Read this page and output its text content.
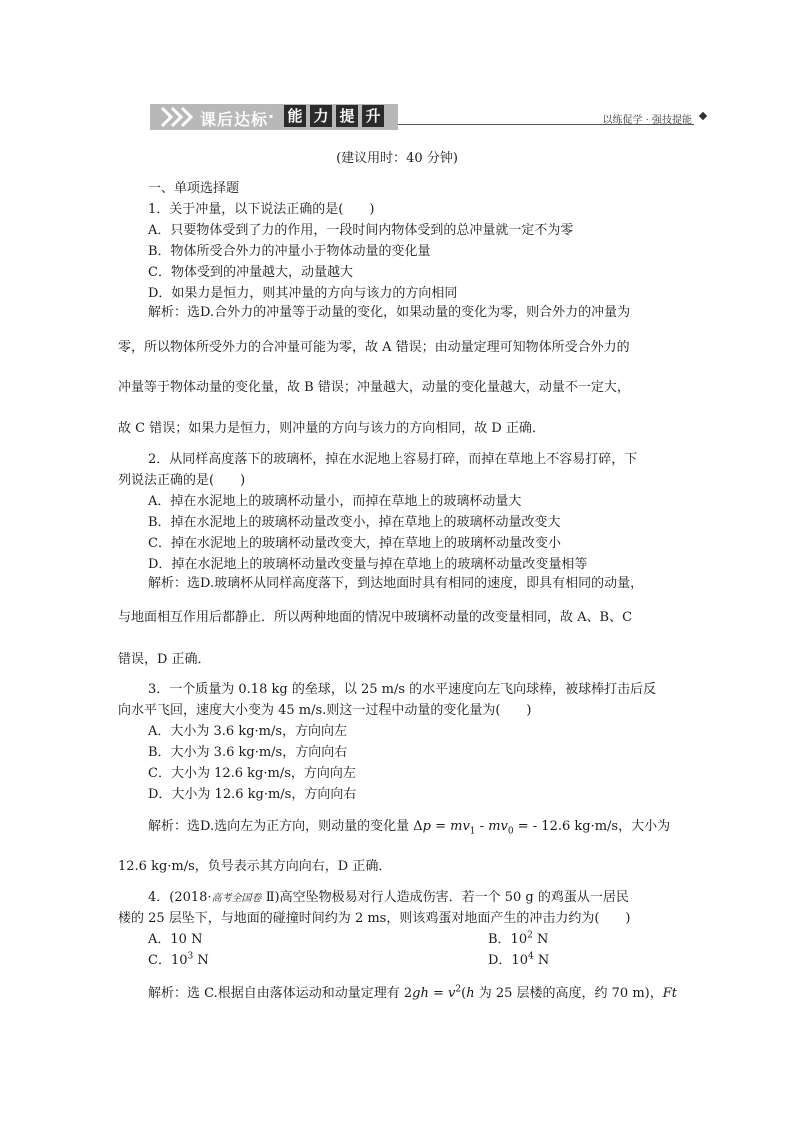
课后达标 · 能 力 提 升	以练促学 · 强技提能
(建议用时：40 分钟)
一、单项选择题
1．关于冲量，以下说法正确的是(　　)
A．只要物体受到了力的作用，一段时间内物体受到的总冲量就一定不为零
B．物体所受合外力的冲量小于物体动量的变化量
C．物体受到的冲量越大，动量越大
D．如果力是恒力，则其冲量的方向与该力的方向相同
解析：选D.合外力的冲量等于动量的变化，如果动量的变化为零，则合外力的冲量为
零，所以物体所受外力的合冲量可能为零，故 A 错误；由动量定理可知物体所受合外力的
冲量等于物体动量的变化量，故 B 错误；冲量越大，动量的变化量越大，动量不一定大，
故 C 错误；如果力是恒力，则冲量的方向与该力的方向相同，故 D 正确．
2．从同样高度落下的玻璃杯，掉在水泥地上容易打碎，而掉在草地上不容易打碎，下
列说法正确的是(　　)
A．掉在水泥地上的玻璃杯动量小，而掉在草地上的玻璃杯动量大
B．掉在水泥地上的玻璃杯动量改变小，掉在草地上的玻璃杯动量改变大
C．掉在水泥地上的玻璃杯动量改变大，掉在草地上的玻璃杯动量改变小
D．掉在水泥地上的玻璃杯动量改变量与掉在草地上的玻璃杯动量改变量相等
解析：选D.玻璃杯从同样高度落下，到达地面时具有相同的速度，即具有相同的动量，
与地面相互作用后都静止．所以两种地面的情况中玻璃杯动量的改变量相同，故 A、B、C
错误，D 正确．
3．一个质量为 0.18 kg 的垒球，以 25 m/s 的水平速度向左飞向球棒，被球棒打击后反
向水平飞回，速度大小变为 45 m/s.则这一过程中动量的变化量为(　　)
A．大小为 3.6 kg·m/s，方向向左
B．大小为 3.6 kg·m/s，方向向右
C．大小为 12.6 kg·m/s，方向向左
D．大小为 12.6 kg·m/s，方向向右
解析：选D.选向左为正方向，则动量的变化量 $\Delta p = mv_1 - mv_0$ = - 12.6 kg·m/s，大小为
12.6 kg·m/s，负号表示其方向向右，D 正确．
4．(2018·高考全国卷 Ⅱ)高空坠物极易对行人造成伤害．若一个 50 g 的鸡蛋从一居民
楼的 25 层坠下，与地面的碰撞时间约为 2 ms，则该鸡蛋对地面产生的冲击力约为(　　)
A．10 N	B．$10^2$ N
C．$10^3$ N	D．$10^4$ N
解析：选 C.根据自由落体运动和动量定理有 $2gh = v^2(h$ 为 25 层楼的高度，约 70 m)，Ft
